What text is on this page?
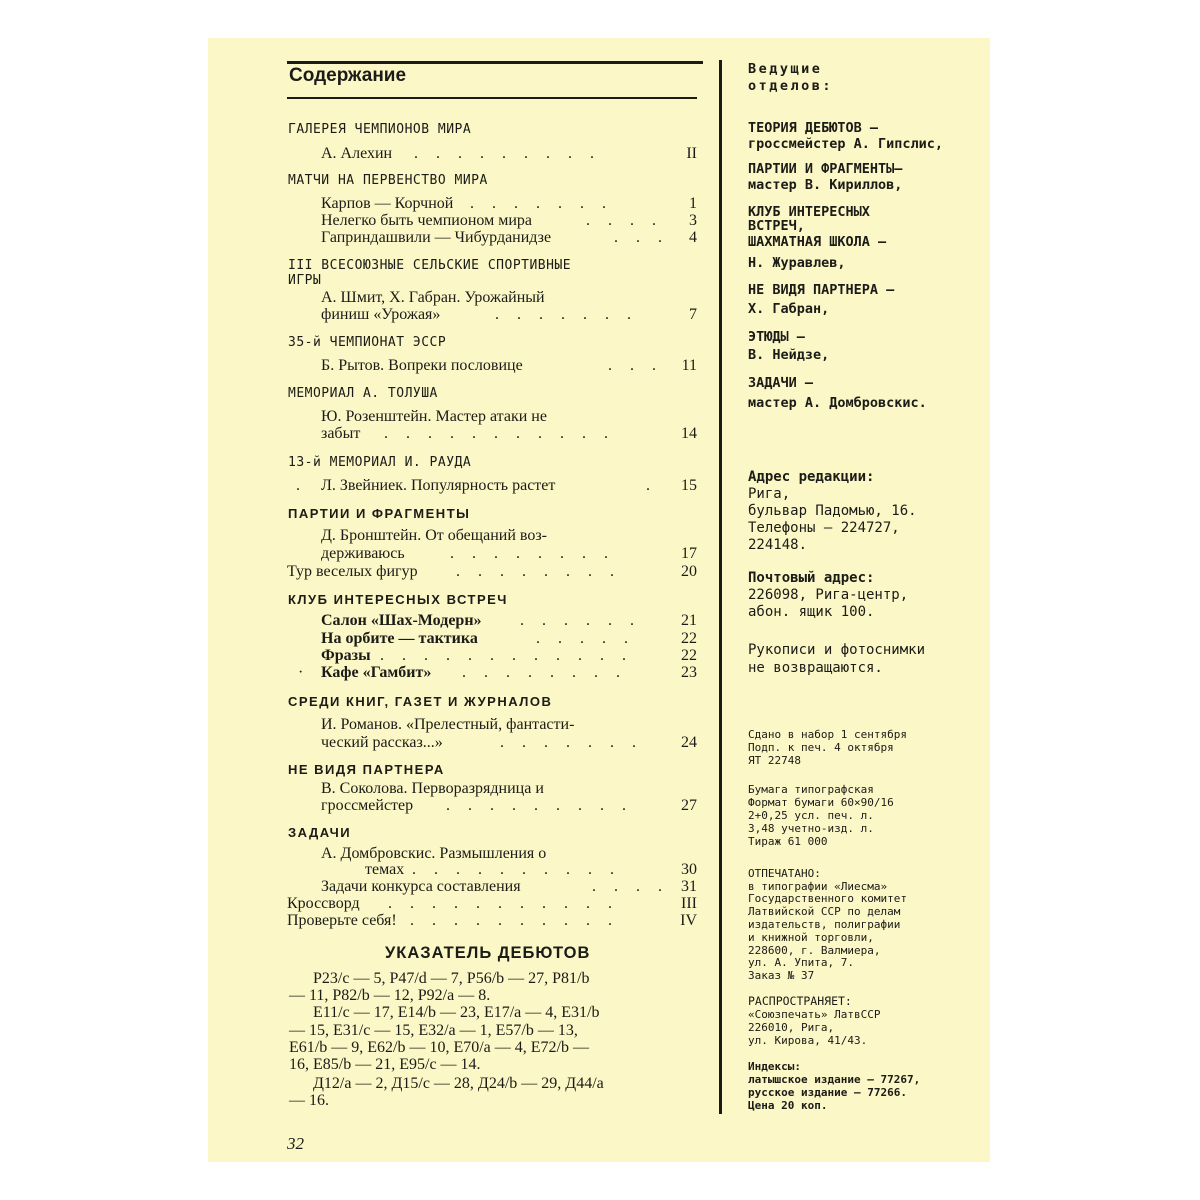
Содержание
ГАЛЕРЕЯ ЧЕМПИОНОВ МИРА
А. Алехин . . . . . . . . .	II
МАТЧИ НА ПЕРВЕНСТВО МИРА
Карпов — Корчной . . . . . . .	1
Нелегко быть чемпионом мира	. . . .	3
Гаприндашвили — Чибурданидзе	. . .	4
III ВСЕСОЮЗНЫЕ СЕЛЬСКИЕ СПОРТИВНЫЕ
ИГРЫ
А. Шмит, Х. Габран. Урожайный
финиш «Урожая»	. . . . . . .	7
35-й ЧЕМПИОНАТ ЭССР
Б. Рытов. Вопреки пословице	. . .	11
МЕМОРИАЛ А. ТОЛУША
Ю. Розенштейн. Мастер атаки не
забыт . . . . . . . . . . .	14
13-й МЕМОРИАЛ И. РАУДА
. Л. Звейниек. Популярность растет	.	15
ПАРТИИ И ФРАГМЕНТЫ
Д. Бронштейн. От обещаний воз-
держиваюсь	. . . . . . . .	17
Тур веселых фигур . . . . . . . .	20
КЛУБ ИНТЕРЕСНЫХ ВСТРЕЧ
Салон «Шах-Модерн» . . . . . .	21
На орбите — тактика	. . . . .	22
Фразы . . . . . . . . . . . .	22
· Кафе «Гамбит» . . . . . . . .	23
СРЕДИ КНИГ, ГАЗЕТ И ЖУРНАЛОВ
И. Романов. «Прелестный, фантасти-
ческий рассказ...»	. . . . . . .	24
НЕ ВИДЯ ПАРТНЕРА
В. Соколова. Перворазрядница и
гроссмейстер . . . . . . . . .	27
ЗАДАЧИ
А. Домбровскис. Размышления о
темах . . . . . . . . . .	30
Задачи конкурса составления	. . . . 31
Кроссворд . . . . . . . . . . .	III
Проверьте себя! . . . . . . . . . .	IV
УКАЗАТЕЛЬ ДЕБЮТОВ
Р23/с — 5, Р47/d — 7, Р56/b — 27, Р81/b
— 11, Р82/b — 12, Р92/а — 8.
Е11/с — 17, Е14/b — 23, Е17/а — 4, Е31/b
— 15, Е31/с — 15, Е32/а — 1, Е57/b — 13,
Е61/b — 9, Е62/b — 10, Е70/а — 4, Е72/b —
16, Е85/b — 21, Е95/с — 14.
Д12/а — 2, Д15/с — 28, Д24/b — 29, Д44/а
— 16.
32
Ведущие
отделов:
ТЕОРИЯ ДЕБЮТОВ —
гроссмейстер А. Гипслис,
ПАРТИИ И ФРАГМЕНТЫ—
мастер В. Кириллов,
КЛУБ ИНТЕРЕСНЫХ
ВСТРЕЧ,
ШАХМАТНАЯ ШКОЛА —
Н. Журавлев,
НЕ ВИДЯ ПАРТНЕРА —
Х. Габран,
ЭТЮДЫ —
В. Нейдзе,
ЗАДАЧИ —
мастер А. Домбровскис.
Адрес редакции:
Рига,
бульвар Падомью, 16.
Телефоны — 224727,
224148.
Почтовый адрес:
226098, Рига-центр,
абон. ящик 100.
Рукописи и фотоснимки
не возвращаются.
Сдано в набор 1 сентября
Подп. к печ. 4 октября
ЯТ 22748
Бумага типографская
Формат бумаги 60×90/16
2+0,25 усл. печ. л.
3,48 учетно-изд. л.
Тираж 61 000
ОТПЕЧАТАНО:
в типографии «Лиесма»
Государственного комитет
Латвийской ССР по делам
издательств, полиграфии
и книжной торговли,
228600, г. Валмиера,
ул. А. Упита, 7.
Заказ № 37
РАСПРОСТРАНЯЕТ:
«Союзпечать» ЛатвССР
226010, Рига,
ул. Кирова, 41/43.
Индексы:
латышское издание — 77267,
русское издание — 77266.
Цена 20 коп.
